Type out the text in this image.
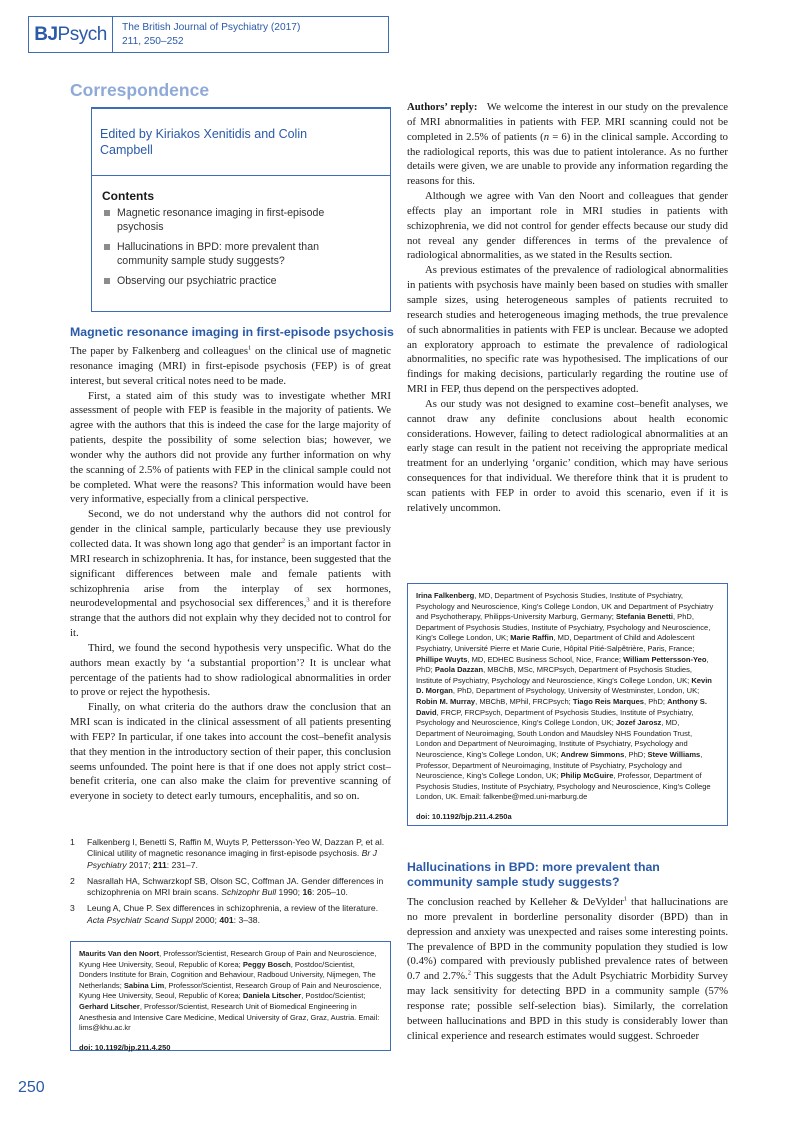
BJ Psych The British Journal of Psychiatry (2017)
211, 250–252
Correspondence
Edited by Kiriakos Xenitidis and Colin Campbell
Contents
Magnetic resonance imaging in first-episode psychosis
Hallucinations in BPD: more prevalent than community sample study suggests?
Observing our psychiatric practice
Magnetic resonance imaging in first-episode psychosis

The paper by Falkenberg and colleagues$^1$ on the clinical use of magnetic resonance imaging (MRI) in first-episode psychosis (FEP) is of great interest, but several critical notes need to be made.

First, a stated aim of this study was to investigate whether MRI assessment of people with FEP is feasible in the majority of patients. We agree with the authors that this is indeed the case for the large majority of patients, despite the possibility of some selection bias; however, we wonder why the authors did not provide any further information on why the scanning of 2.5% of patients with FEP in the clinical sample could not be completed. What were the reasons? This information would have been very informative, especially from a clinical perspective.

Second, we do not understand why the authors did not control for gender in the clinical sample, particularly because they use previously collected data. It was shown long ago that gender$^2$ is an important factor in MRI research in schizophrenia. It has, for instance, been suggested that the significant differences between male and female patients with schizophrenia arise from the interplay of sex hormones, neurodevelopmental and psychosocial sex differences,$^3$ and it is therefore strange that the authors did not explain why they decided not to control for it.

Third, we found the second hypothesis very unspecific. What do the authors mean exactly by ‘a substantial proportion’? It is unclear what percentage of the patients had to show radiological abnormalities in order to prove or reject the hypothesis.

Finally, on what criteria do the authors draw the conclusion that an MRI scan is indicated in the clinical assessment of all patients presenting with FEP? In particular, if one takes into account the cost–benefit analysis that they mention in the introductory section of their paper, this conclusion seems unfounded. The point here is that if one does not apply strict cost–benefit criteria, one can also make the claim for preventive scanning of everyone in society to detect early tumours, encephalitis, and so on.

1 Falkenberg I, Benetti S, Raffin M, Wuyts P, Pettersson-Yeo W, Dazzan P, et al. Clinical utility of magnetic resonance imaging in first-episode psychosis. Br J Psychiatry 2017; 211: 231–7.
2 Nasrallah HA, Schwarzkopf SB, Olson SC, Coffman JA. Gender differences in schizophrenia on MRI brain scans. Schizophr Bull 1990; 16: 205–10.
3 Leung A, Chue P. Sex differences in schizophrenia, a review of the literature. Acta Psychiatr Scand Suppl 2000; 401: 3–38.
Maurits Van den Noort, Professor/Scientist, Research Group of Pain and Neuroscience, Kyung Hee University, Seoul, Republic of Korea; Peggy Bosch, Postdoc/Scientist, Donders Institute for Brain, Cognition and Behaviour, Radboud University, Nijmegen, The Netherlands; Sabina Lim, Professor/Scientist, Research Group of Pain and Neuroscience, Kyung Hee University, Seoul, Republic of Korea; Daniela Litscher, Postdoc/Scientist; Gerhard Litscher, Professor/Scientist, Research Unit of Biomedical Engineering in Anesthesia and Intensive Care Medicine, Medical University of Graz, Graz, Austria. Email: lims@khu.ac.kr
doi: 10.1192/bjp.211.4.250

Authors’ reply: We welcome the interest in our study on the prevalence of MRI abnormalities in patients with FEP. MRI scanning could not be completed in 2.5% of patients (n = 6) in the clinical sample. According to the radiological reports, this was due to patient intolerance. As no further details were given, we are unable to provide any information regarding the reasons for this.

Although we agree with Van den Noort and colleagues that gender effects play an important role in MRI studies in patients with schizophrenia, we did not control for gender effects because our study did not reveal any gender differences in terms of the prevalence of radiological abnormalities, as we stated in the Results section.

As previous estimates of the prevalence of radiological abnormalities in patients with psychosis have mainly been based on studies with smaller sample sizes, using heterogeneous samples of patients recruited to research studies and heterogeneous imaging methods, the true prevalence of such abnormalities in patients with FEP is unclear. Because we adopted an exploratory approach to estimate the prevalence of radiological abnormalities, no specific rate was hypothesised. The implications of our findings for making decisions, particularly regarding the routine use of MRI in FEP, thus depend on the perspectives adopted.

As our study was not designed to examine cost–benefit analyses, we cannot draw any definite conclusions about health economic considerations. However, failing to detect radiological abnormalities at an early stage can result in the patient not receiving the appropriate medical treatment for an underlying ‘organic’ condition, which may have serious consequences for that individual. We therefore think that it is prudent to scan patients with FEP in order to avoid this scenario, even if it is relatively uncommon.

Irina Falkenberg, MD, Department of Psychosis Studies, Institute of Psychiatry, Psychology and Neuroscience, King’s College London, UK and Department of Psychiatry and Psychotherapy, Philipps-University Marburg, Germany; Stefania Benetti, PhD, Department of Psychosis Studies, Institute of Psychiatry, Psychology and Neuroscience, King’s College London, UK; Marie Raffin, MD, Department of Child and Adolescent Psychiatry, Université Pierre et Marie Curie, Hôpital Pitié-Salpêtrière, Paris, France; Phillipe Wuyts, MD, EDHEC Business School, Nice, France; William Pettersson-Yeo, PhD; Paola Dazzan, MBChB, MSc, MRCPsych, Department of Psychosis Studies, Institute of Psychiatry, Psychology and Neuroscience, King’s College London, UK; Kevin D. Morgan, PhD, Department of Psychology, University of Westminster, London, UK; Robin M. Murray, MBChB, MPhil, FRCPsych; Tiago Reis Marques, PhD; Anthony S. David, FRCP, FRCPsych, Department of Psychosis Studies, Institute of Psychiatry, Psychology and Neuroscience, King’s College London, UK; Jozef Jarosz, MD, Department of Neuroimaging, South London and Maudsley NHS Foundation Trust, London and Department of Neuroimaging, Institute of Psychiatry, Psychology and Neuroscience, King’s College London, UK; Andrew Simmons, PhD; Steve Williams, Professor, Department of Neuroimaging, Institute of Psychiatry, Psychology and Neuroscience, King’s College London, UK; Philip McGuire, Professor, Department of Psychosis Studies, Institute of Psychiatry, Psychology and Neuroscience, King’s College London, UK. Email: falkenbe@med.uni-marburg.de
doi: 10.1192/bjp.211.4.250a
Hallucinations in BPD: more prevalent than community sample study suggests?

The conclusion reached by Kelleher & DeVylder$^1$ that hallucinations are no more prevalent in borderline personality disorder (BPD) than in depression and anxiety was unexpected and raises some interesting points. The prevalence of BPD in the community population they studied is low (0.4%) compared with previously published prevalence rates of between 0.7 and 2.7%.$^2$ This suggests that the Adult Psychiatric Morbidity Survey may lack sensitivity for detecting BPD in a community sample (57% response rate; possible self-selection bias). Similarly, the correlation between hallucinations and BPD in this study is considerably lower than clinical experience and research estimates would suggest. Schroeder

250
